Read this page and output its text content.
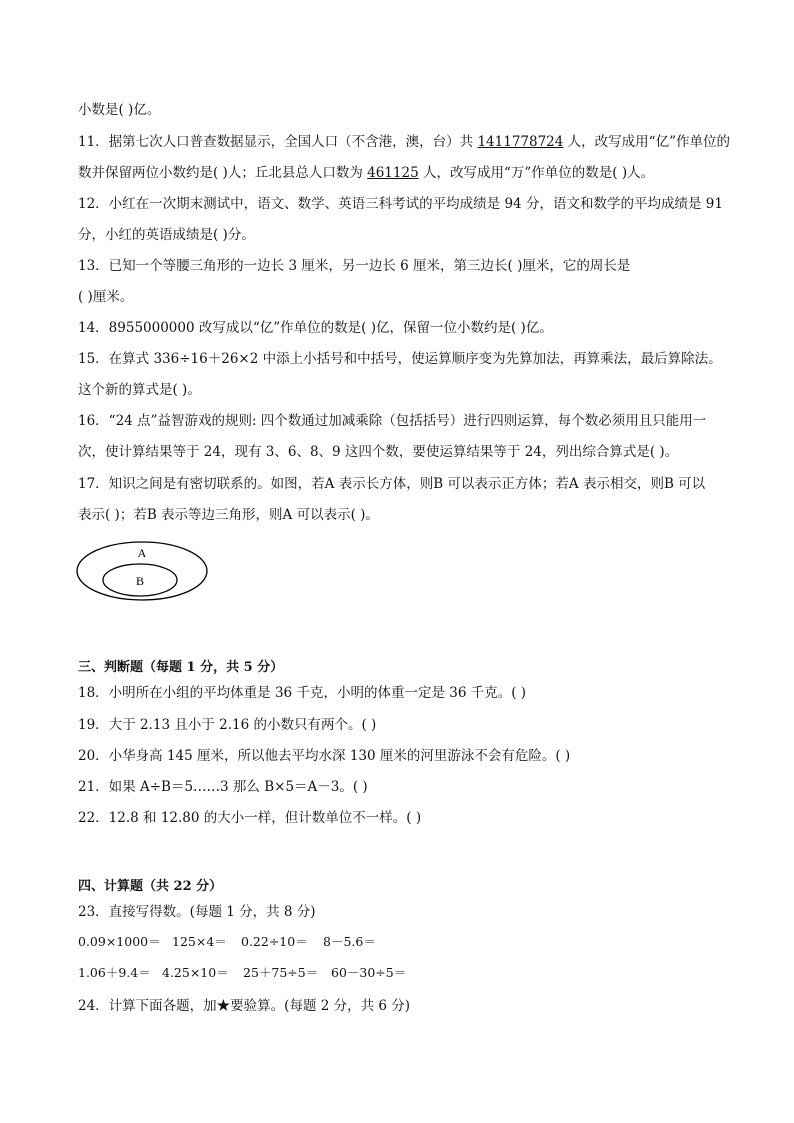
小数是( )亿。
11．据第七次人口普查数据显示，全国人口（不含港，澳，台）共 1411778724 人，改写成用“亿”作单位的
数并保留两位小数约是( )人；丘北县总人口数为 461125 人，改写成用“万”作单位的数是( )人。
12．小红在一次期末测试中，语文、数学、英语三科考试的平均成绩是 94 分，语文和数学的平均成绩是 91
分，小红的英语成绩是( )分。
13．已知一个等腰三角形的一边长 3 厘米，另一边长 6 厘米，第三边长( )厘米，它的周长是
( )厘米。
14．8955000000 改写成以“亿”作单位的数是( )亿，保留一位小数约是( )亿。
15．在算式 336÷16＋26×2 中添上小括号和中括号，使运算顺序变为先算加法，再算乘法，最后算除法。
这个新的算式是( )。
16．“24 点”益智游戏的规则: 四个数通过加减乘除（包括括号）进行四则运算，每个数必须用且只能用一
次，使计算结果等于 24，现有 3、6、8、9 这四个数，要使运算结果等于 24，列出综合算式是( )。
17．知识之间是有密切联系的。如图，若A 表示长方体，则B 可以表示正方体；若A 表示相交，则B 可以
表示( )；若B 表示等边三角形，则A 可以表示( )。
A
B
三、判断题（每题 1 分，共 5 分）
18．小明所在小组的平均体重是 36 千克，小明的体重一定是 36 千克。( )
19．大于 2.13 且小于 2.16 的小数只有两个。( )
20．小华身高 145 厘米，所以他去平均水深 130 厘米的河里游泳不会有危险。( )
21．如果 A÷B＝5……3 那么 B×5＝A－3。( )
22．12.8 和 12.80 的大小一样，但计数单位不一样。( )
四、计算题（共 22 分）
23．直接写得数。(每题 1 分，共 8 分)
0.09×1000＝ 125×4＝ 0.22÷10＝ 8－5.6＝
1.06＋9.4＝ 4.25×10＝ 25＋75÷5＝ 60－30÷5＝
24．计算下面各题，加★要验算。(每题 2 分，共 6 分)
